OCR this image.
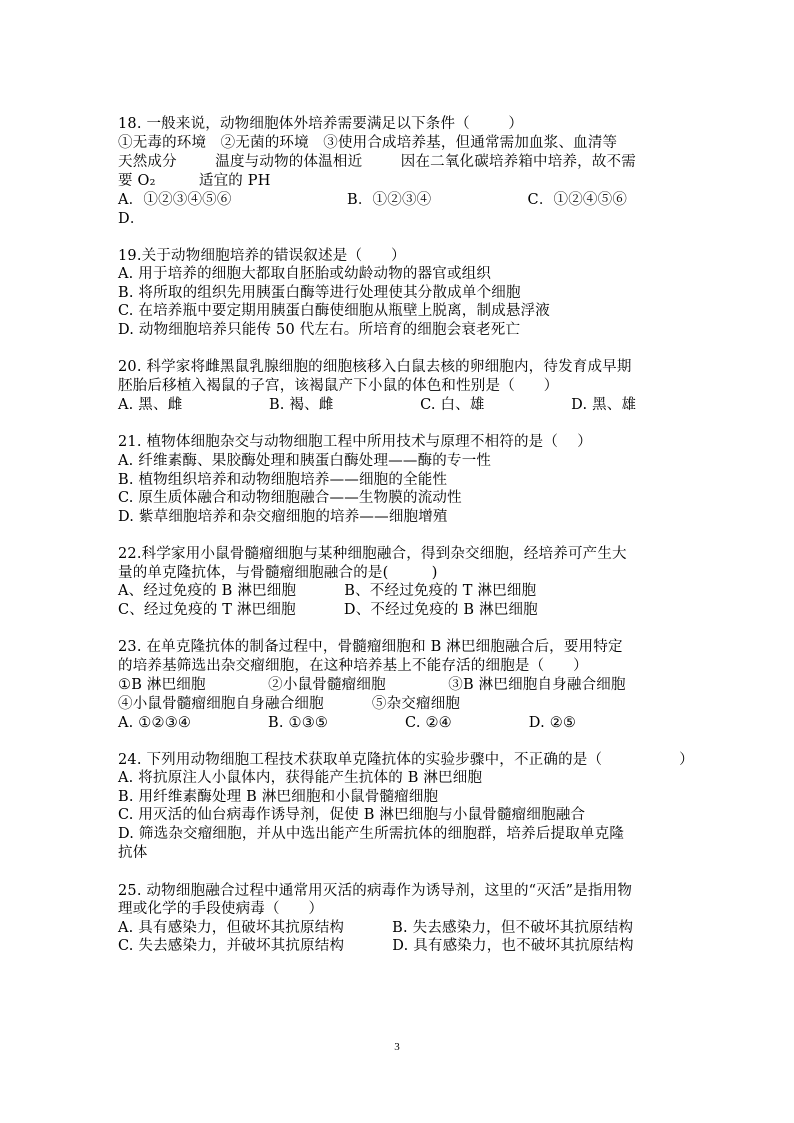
18. 一般来说，动物细胞体外培养需要满足以下条件（        ）
①无毒的环境   ②无菌的环境   ③使用合成培养基，但通常需加血浆、血清等
天然成分        温度与动物的体温相近        因在二氧化碳培养箱中培养，故不需
要 O₂         适宜的 PH
A．①②③④⑤⑥                        B．①②③④                    C．①②④⑤⑥
D．
19.关于动物细胞培养的错误叙述是（      ）
A. 用于培养的细胞大都取自胚胎或幼龄动物的器官或组织
B. 将所取的组织先用胰蛋白酶等进行处理使其分散成单个细胞
C. 在培养瓶中要定期用胰蛋白酶使细胞从瓶壁上脱离，制成悬浮液
D. 动物细胞培养只能传 50 代左右。所培育的细胞会衰老死亡
20. 科学家将雌黑鼠乳腺细胞的细胞核移入白鼠去核的卵细胞内，待发育成早期
胚胎后移植入褐鼠的子宫，该褐鼠产下小鼠的体色和性别是（      ）
A. 黑、雌                  B. 褐、雌                  C. 白、雄                  D. 黑、雄
21. 植物体细胞杂交与动物细胞工程中所用技术与原理不相符的是（    ）
A. 纤维素酶、果胶酶处理和胰蛋白酶处理——酶的专一性
B. 植物组织培养和动物细胞培养——细胞的全能性
C. 原生质体融合和动物细胞融合——生物膜的流动性
D. 紫草细胞培养和杂交瘤细胞的培养——细胞增殖
22.科学家用小鼠骨髓瘤细胞与某种细胞融合，得到杂交细胞，经培养可产生大
量的单克隆抗体，与骨髓瘤细胞融合的是(         )
A、经过免疫的 B 淋巴细胞          B、不经过免疫的 T 淋巴细胞
C、经过免疫的 T 淋巴细胞          D、不经过免疫的 B 淋巴细胞
23. 在单克隆抗体的制备过程中，骨髓瘤细胞和 B 淋巴细胞融合后，要用特定
的培养基筛选出杂交瘤细胞，在这种培养基上不能存活的细胞是（      ）
①B 淋巴细胞             ②小鼠骨髓瘤细胞             ③B 淋巴细胞自身融合细胞
④小鼠骨髓瘤细胞自身融合细胞          ⑤杂交瘤细胞
A. ①②③④                B. ①③⑤                C. ②④                D. ②⑤
24. 下列用动物细胞工程技术获取单克隆抗体的实验步骤中，不正确的是（                ）
A. 将抗原注人小鼠体内，获得能产生抗体的 B 淋巴细胞
B. 用纤维素酶处理 B 淋巴细胞和小鼠骨髓瘤细胞
C. 用灭活的仙台病毒作诱导剂，促使 B 淋巴细胞与小鼠骨髓瘤细胞融合
D. 筛选杂交瘤细胞，并从中选出能产生所需抗体的细胞群，培养后提取单克隆
抗体
25. 动物细胞融合过程中通常用灭活的病毒作为诱导剂，这里的“灭活”是指用物
理或化学的手段使病毒（      ）
A. 具有感染力，但破坏其抗原结构          B. 失去感染力，但不破坏其抗原结构
C. 失去感染力，并破坏其抗原结构          D. 具有感染力，也不破坏其抗原结构
3
